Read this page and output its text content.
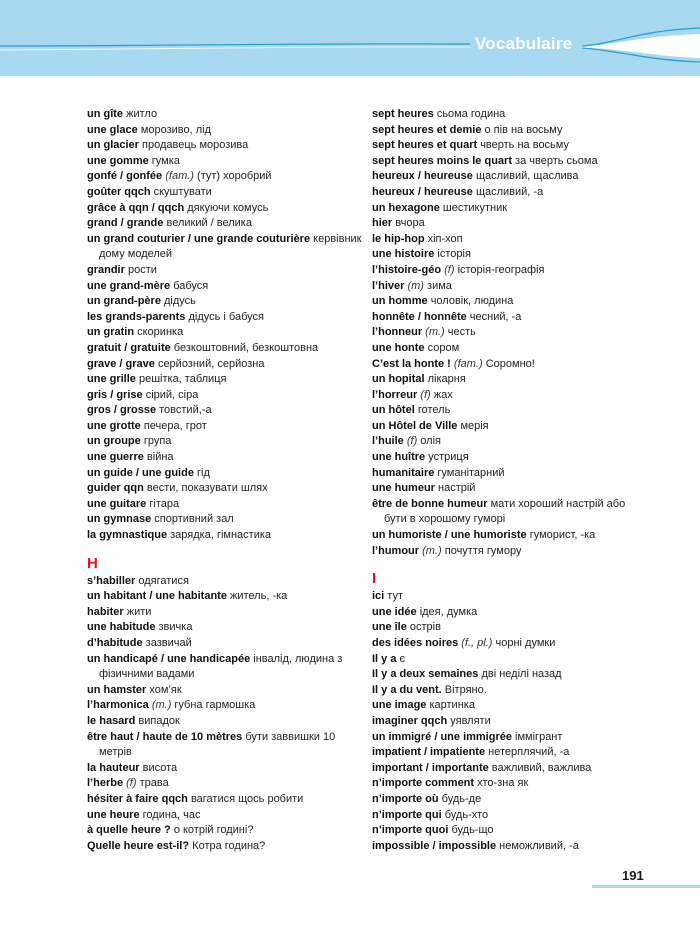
Vocabulaire
un gîte житло
une glace морозиво, лід
un glacier продавець морозива
une gomme гумка
gonfé / gonfée (fam.) (тут) хоробрий
goûter qqch скуштувати
grâce à qqn / qqch дякуючи комусь
grand / grande великий / велика
un grand couturier / une grande couturière кервівник дому моделей
grandir рости
une grand-mère бабуся
un grand-père дідусь
les grands-parents дідусь і бабуся
un gratin скоринка
gratuit / gratuite безкоштовний, безкоштовна
grave / grave серйозний, серйозна
une grille решітка, таблиця
gris / grise сірий, сіра
gros / grosse товстий,-а
une grotte печера, грот
un groupe група
une guerre війна
un guide / une guide гід
guider qqn вести, показувати шлях
une guitare гітара
un gymnase спортивний зал
la gymnastique зарядка, гімнастика
H
s’habiller одягатися
un habitant / une habitante житель, -ка
habiter жити
une habitude звичка
d’habitude зазвичай
un handicapé / une handicapée інвалід, людина з фізичними вадами
un hamster хом’як
l’harmonica (m.) губна гармошка
le hasard випадок
être haut / haute de 10 mètres бути заввишки 10 метрів
la hauteur висота
l’herbe (f) трава
hésiter à faire qqch вагатися щось робити
une heure година, час
à quelle heure ? о котрій годині?
Quelle heure est-il? Котра година?
sept heures сьома година
sept heures et demie о пів на восьму
sept heures et quart чверть на восьму
sept heures moins le quart за чверть сьома
heureux / heureuse щасливий, щаслива
heureux / heureuse щасливий, -а
un hexagone шестикутник
hier вчора
le hip-hop хіп-хоп
une histoire історія
l’histoire-géo (f) історія-географія
l’hiver (m) зима
un homme чоловік, людина
honnête / honnête чесний, -а
l’honneur (m.) честь
une honte сором
C’est la honte ! (fam.) Соромно!
un hopital лікарня
l’horreur (f) жах
un hôtel готель
un Hôtel de Ville мерія
l’huile (f) олія
une huître устриця
humanitaire гуманітарний
une humeur настрій
être de bonne humeur мати хороший настрій або бути в хорошому гуморі
un humoriste / une humoriste гуморист, -ка
l’humour (m.) почуття гумору
I
ici тут
une idée ідея, думка
une île острів
des idées noires (f., pl.) чорні думки
Il y a є
Il y a deux semaines дві неділі назад
Il y a du vent. Вітряно.
une image картинка
imaginer qqch уявляти
un immigré / une immigrée іммігрант
impatient / impatiente нетерплячий, -а
important / importante важливий, важлива
n’importe comment хто-зна як
n’importe où будь-де
n’importe qui будь-хто
n’importe quoi будь-що
impossible / impossible неможливий, -а
191
